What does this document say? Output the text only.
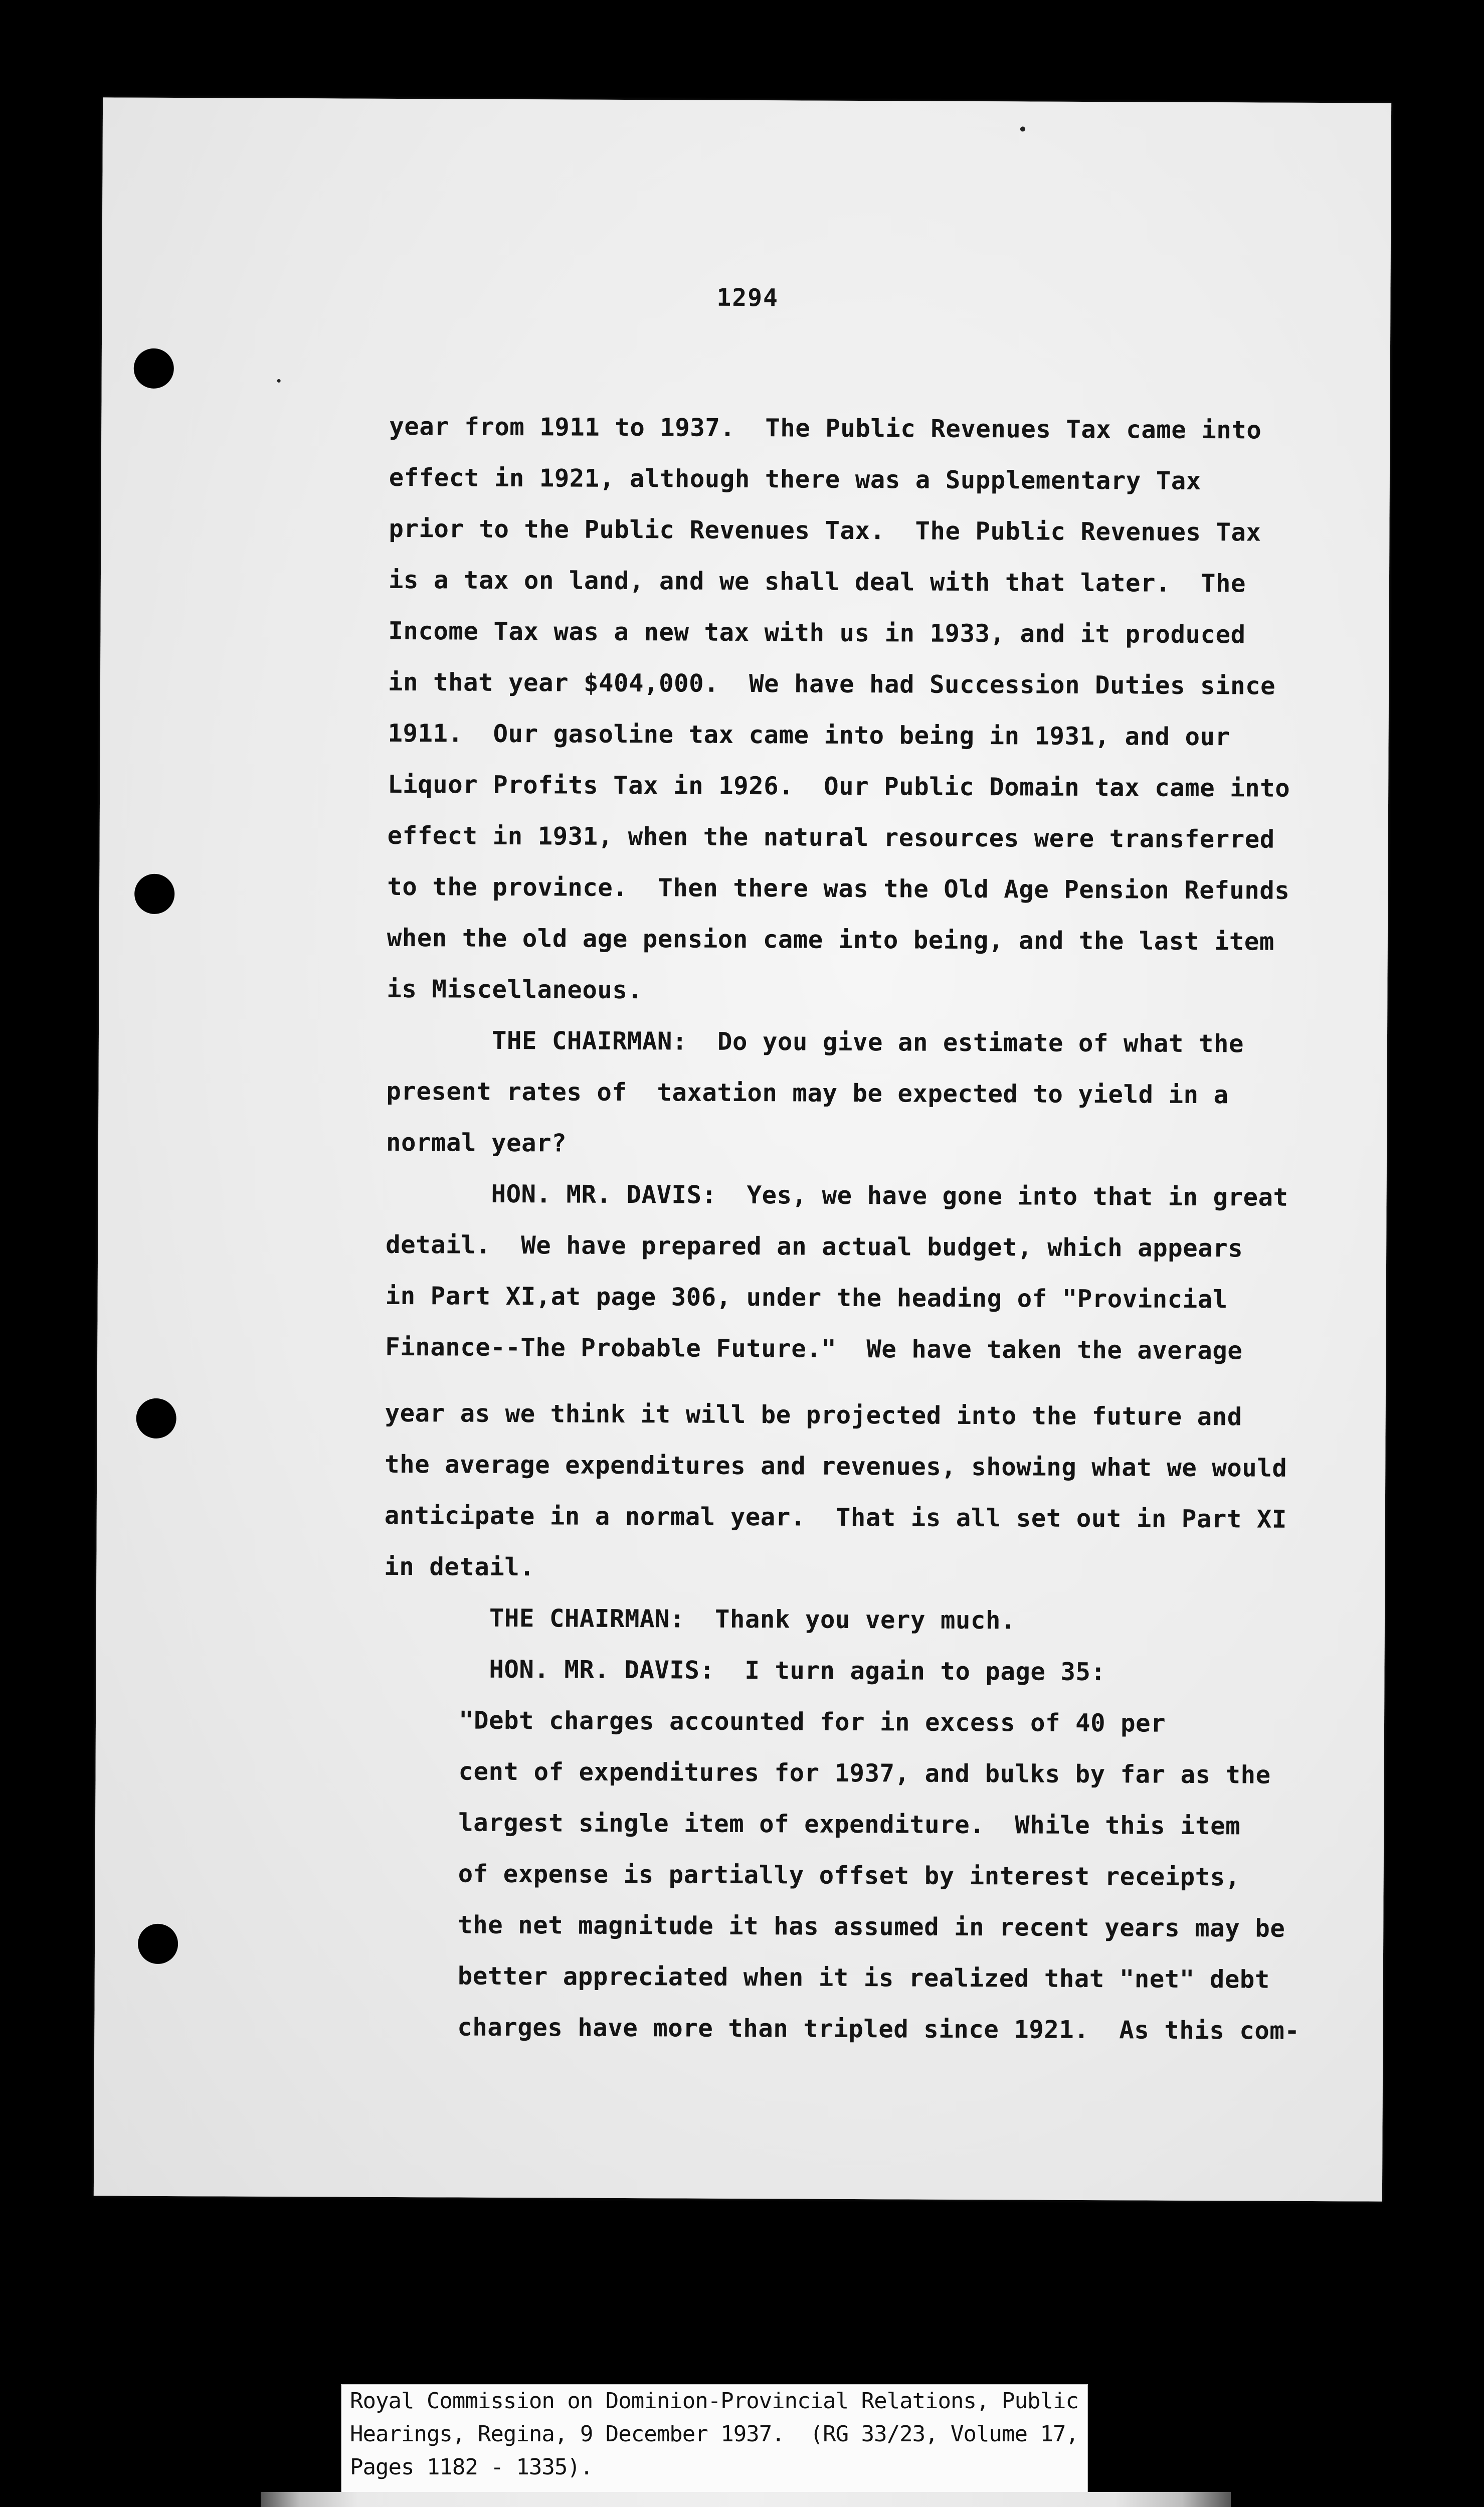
1294
year from 1911 to 1937.  The Public Revenues Tax came into
effect in 1921, although there was a Supplementary Tax
prior to the Public Revenues Tax.  The Public Revenues Tax
is a tax on land, and we shall deal with that later.  The
Income Tax was a new tax with us in 1933, and it produced
in that year $404,000.  We have had Succession Duties since
1911.  Our gasoline tax came into being in 1931, and our
Liquor Profits Tax in 1926.  Our Public Domain tax came into
effect in 1931, when the natural resources were transferred
to the province.  Then there was the Old Age Pension Refunds
when the old age pension came into being, and the last item
is Miscellaneous.
THE CHAIRMAN:  Do you give an estimate of what the
present rates of  taxation may be expected to yield in a
normal year?
HON. MR. DAVIS:  Yes, we have gone into that in great
detail.  We have prepared an actual budget, which appears
in Part XI,at page 306, under the heading of "Provincial
Finance--The Probable Future."  We have taken the average
year as we think it will be projected into the future and
the average expenditures and revenues, showing what we would
anticipate in a normal year.  That is all set out in Part XI
in detail.
THE CHAIRMAN:  Thank you very much.
HON. MR. DAVIS:  I turn again to page 35:
"Debt charges accounted for in excess of 40 per
cent of expenditures for 1937, and bulks by far as the
largest single item of expenditure.  While this item
of expense is partially offset by interest receipts,
the net magnitude it has assumed in recent years may be
better appreciated when it is realized that "net" debt
charges have more than tripled since 1921.  As this com-
Royal Commission on Dominion-Provincial Relations, Public
Hearings, Regina, 9 December 1937.  (RG 33/23, Volume 17,
Pages 1182 - 1335).
